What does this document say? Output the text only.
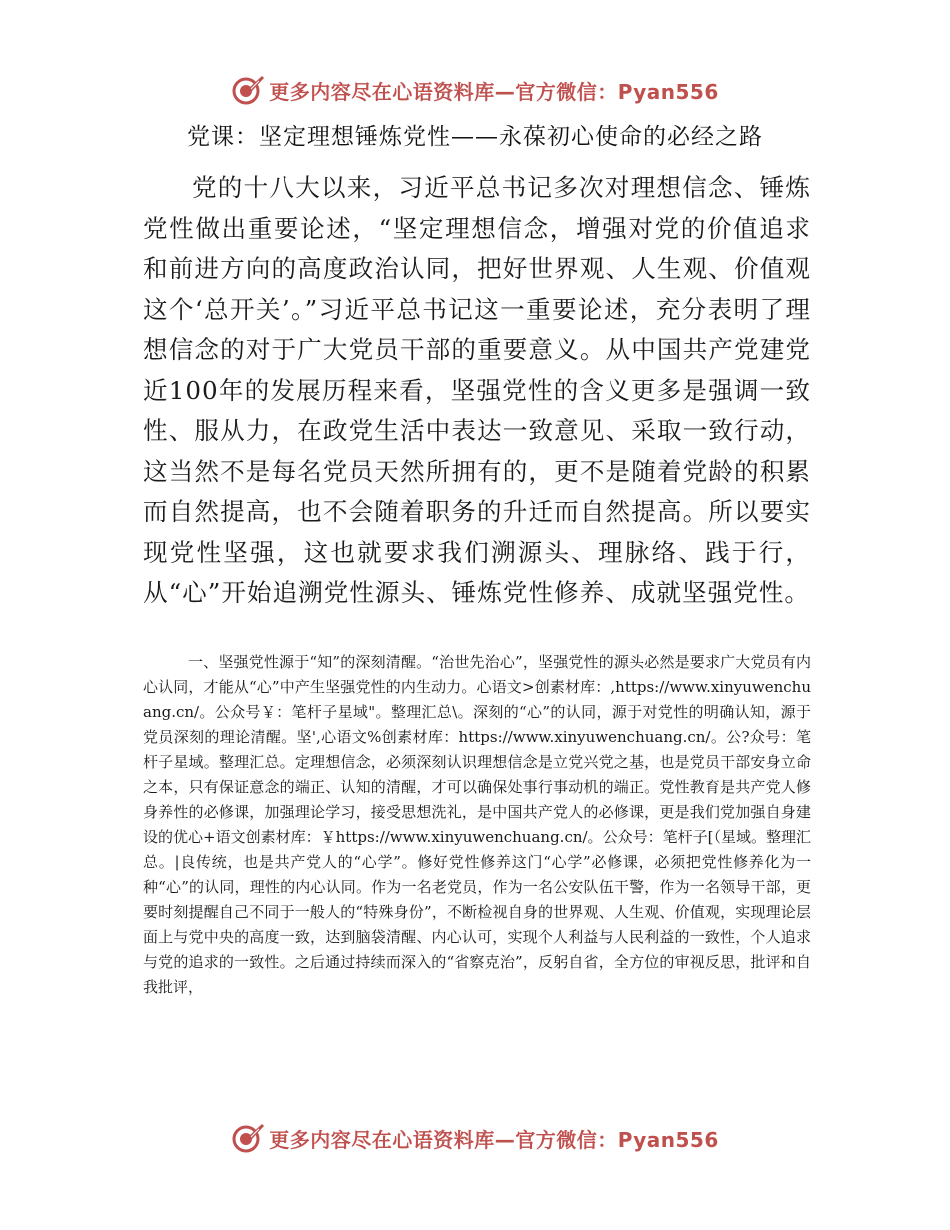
更多内容尽在心语资料库—官方微信：Pyan556
党课：坚定理想锤炼党性——永葆初心使命的必经之路

党的十八大以来，习近平总书记多次对理想信念、锤炼党性做出重要论述，“坚定理想信念，增强对党的价值追求和前进方向的高度政治认同，把好世界观、人生观、价值观这个‘总开关’。”习近平总书记这一重要论述，充分表明了理想信念的对于广大党员干部的重要意义。从中国共产党建党近100年的发展历程来看，坚强党性的含义更多是强调一致性、服从力，在政党生活中表达一致意见、采取一致行动，这当然不是每名党员天然所拥有的，更不是随着党龄的积累而自然提高，也不会随着职务的升迁而自然提高。所以要实现党性坚强，这也就要求我们溯源头、理脉络、践于行，从“心”开始追溯党性源头、锤炼党性修养、成就坚强党性。

一、坚强党性源于“知”的深刻清醒。“治世先治心”，坚强党性的源头必然是要求广大党员有内心认同，才能从“心”中产生坚强党性的内生动力。心语文>创素材库：,https://www.xinyuwenchuang.cn/。公众号￥：笔杆子星域"。整理汇总\。深刻的“心”的认同，源于对党性的明确认知，源于党员深刻的理论清醒。坚',心语文%创素材库：https://www.xinyuwenchuang.cn/。公?众号：笔杆子星域。整理汇总。定理想信念，必须深刻认识理想信念是立党兴党之基，也是党员干部安身立命之本，只有保证意念的端正、认知的清醒，才可以确保处事行事动机的端正。党性教育是共产党人修身养性的必修课，加强理论学习，接受思想洗礼，是中国共产党人的必修课，更是我们党加强自身建设的优心+语文创素材库：￥https://www.xinyuwenchuang.cn/。公众号：笔杆子[（星域。整理汇总。|良传统，也是共产党人的“心学”。修好党性修养这门“心学”必修课，必须把党性修养化为一种“心”的认同，理性的内心认同。作为一名老党员，作为一名公安队伍干警，作为一名领导干部，更要时刻提醒自己不同于一般人的“特殊身份”，不断检视自身的世界观、人生观、价值观，实现理论层面上与党中央的高度一致，达到脑袋清醒、内心认可，实现个人利益与人民利益的一致性，个人追求与党的追求的一致性。之后通过持续而深入的“省察克治”，反躬自省，全方位的审视反思，批评和自我批评，

更多内容尽在心语资料库—官方微信：Pyan556
